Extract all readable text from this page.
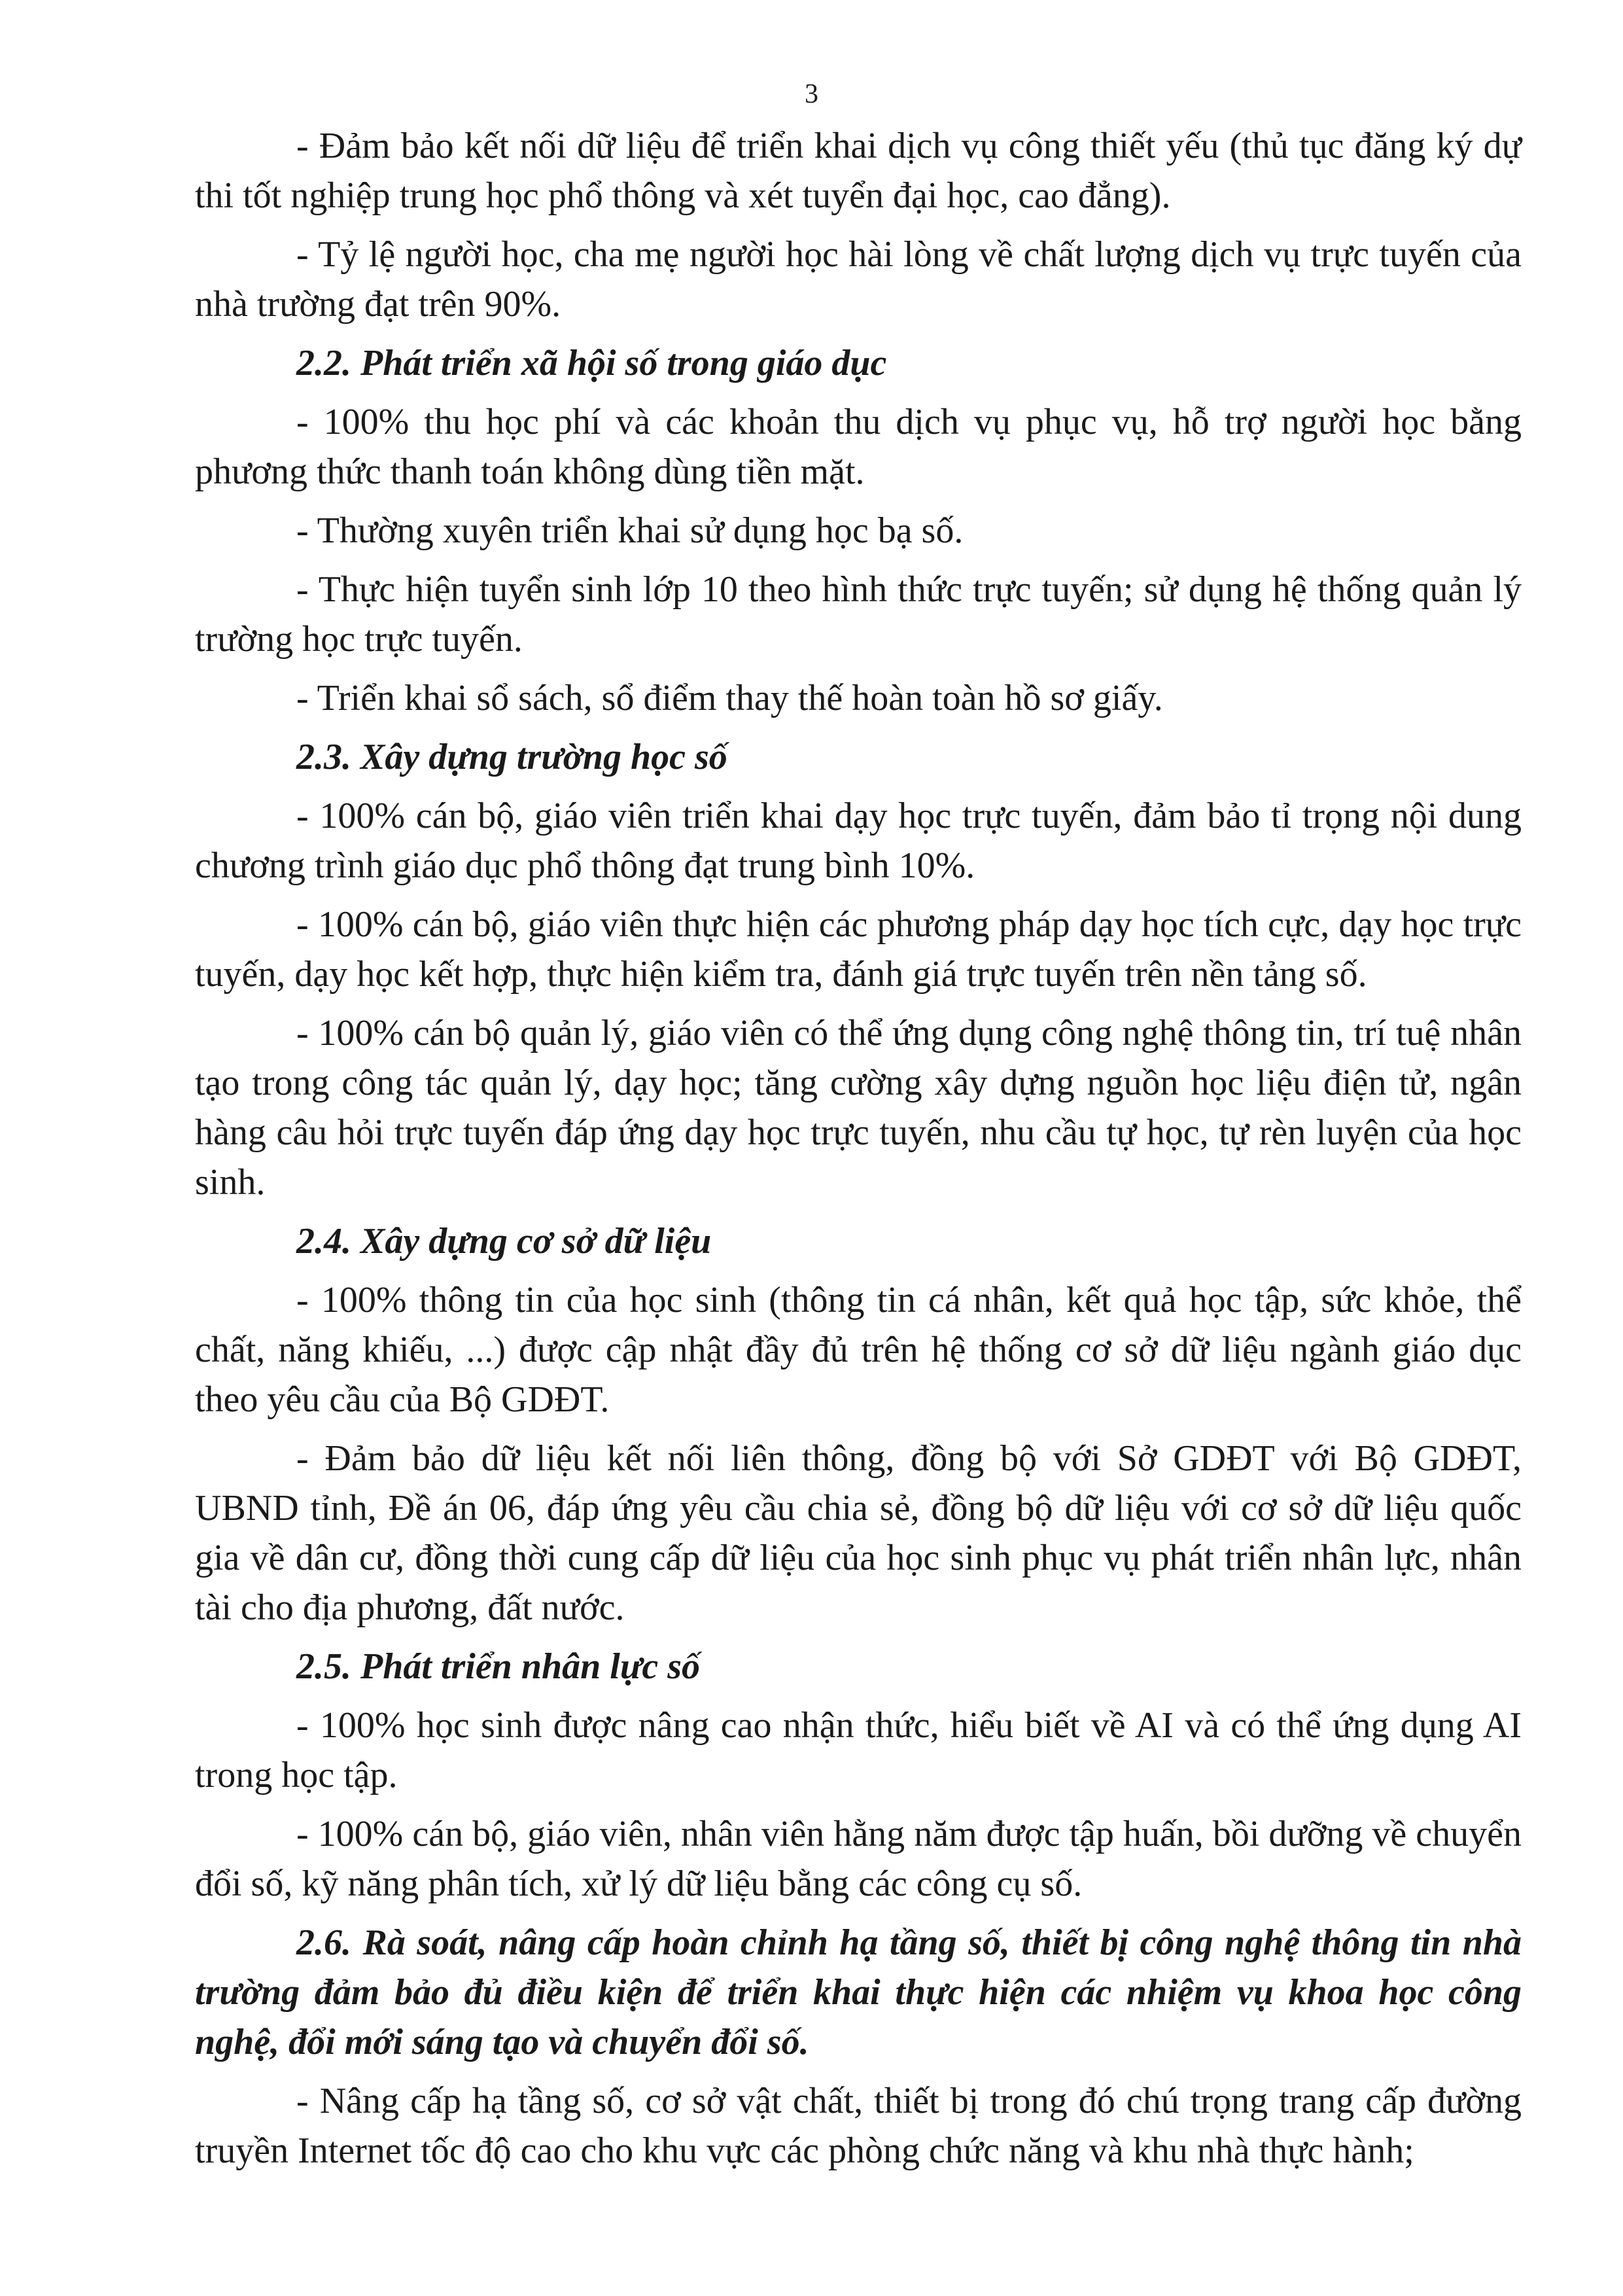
3

- Đảm bảo kết nối dữ liệu để triển khai dịch vụ công thiết yếu (thủ tục đăng ký dự thi tốt nghiệp trung học phổ thông và xét tuyển đại học, cao đẳng).

- Tỷ lệ người học, cha mẹ người học hài lòng về chất lượng dịch vụ trực tuyến của nhà trường đạt trên 90%.

2.2. Phát triển xã hội số trong giáo dục

- 100% thu học phí và các khoản thu dịch vụ phục vụ, hỗ trợ người học bằng phương thức thanh toán không dùng tiền mặt.

- Thường xuyên triển khai sử dụng học bạ số.

- Thực hiện tuyển sinh lớp 10 theo hình thức trực tuyến; sử dụng hệ thống quản lý trường học trực tuyến.

- Triển khai sổ sách, sổ điểm thay thế hoàn toàn hồ sơ giấy.

2.3. Xây dựng trường học số

- 100% cán bộ, giáo viên triển khai dạy học trực tuyến, đảm bảo tỉ trọng nội dung chương trình giáo dục phổ thông đạt trung bình 10%.

- 100% cán bộ, giáo viên thực hiện các phương pháp dạy học tích cực, dạy học trực tuyến, dạy học kết hợp, thực hiện kiểm tra, đánh giá trực tuyến trên nền tảng số.

- 100% cán bộ quản lý, giáo viên có thể ứng dụng công nghệ thông tin, trí tuệ nhân tạo trong công tác quản lý, dạy học; tăng cường xây dựng nguồn học liệu điện tử, ngân hàng câu hỏi trực tuyến đáp ứng dạy học trực tuyến, nhu cầu tự học, tự rèn luyện của học sinh.

2.4. Xây dựng cơ sở dữ liệu

- 100% thông tin của học sinh (thông tin cá nhân, kết quả học tập, sức khỏe, thể chất, năng khiếu, ...) được cập nhật đầy đủ trên hệ thống cơ sở dữ liệu ngành giáo dục theo yêu cầu của Bộ GDĐT.

- Đảm bảo dữ liệu kết nối liên thông, đồng bộ với Sở GDĐT với Bộ GDĐT, UBND tỉnh, Đề án 06, đáp ứng yêu cầu chia sẻ, đồng bộ dữ liệu với cơ sở dữ liệu quốc gia về dân cư, đồng thời cung cấp dữ liệu của học sinh phục vụ phát triển nhân lực, nhân tài cho địa phương, đất nước.

2.5. Phát triển nhân lực số

- 100% học sinh được nâng cao nhận thức, hiểu biết về AI và có thể ứng dụng AI trong học tập.

- 100% cán bộ, giáo viên, nhân viên hằng năm được tập huấn, bồi dưỡng về chuyển đổi số, kỹ năng phân tích, xử lý dữ liệu bằng các công cụ số.

2.6. Rà soát, nâng cấp hoàn chỉnh hạ tầng số, thiết bị công nghệ thông tin nhà trường đảm bảo đủ điều kiện để triển khai thực hiện các nhiệm vụ khoa học công nghệ, đổi mới sáng tạo và chuyển đổi số.

- Nâng cấp hạ tầng số, cơ sở vật chất, thiết bị trong đó chú trọng trang cấp đường truyền Internet tốc độ cao cho khu vực các phòng chức năng và khu nhà thực hành;
